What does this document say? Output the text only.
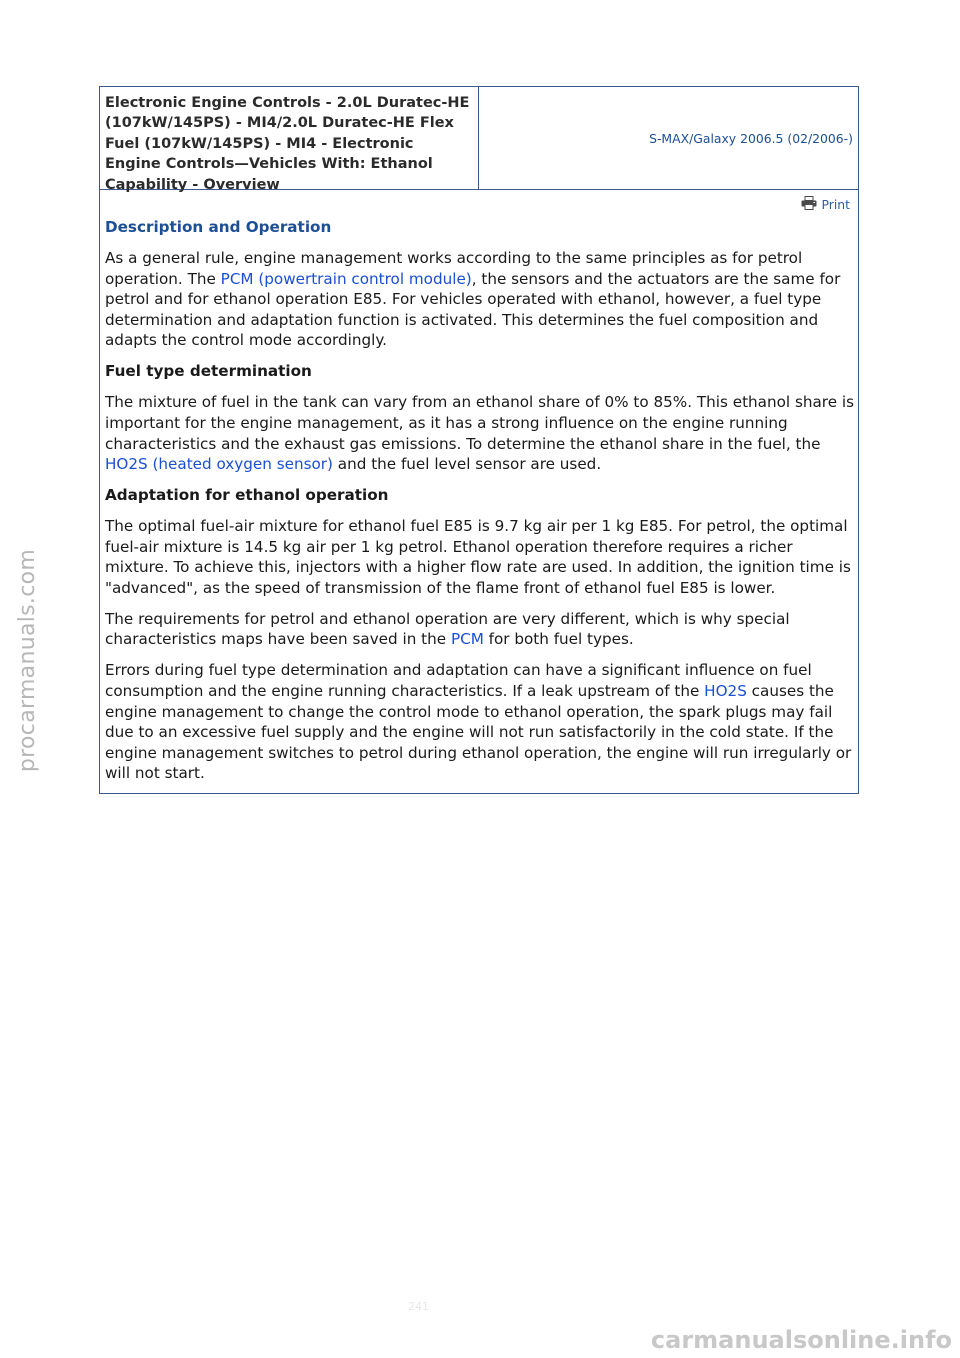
Electronic Engine Controls - 2.0L Duratec-HE (107kW/145PS) - MI4/2.0L Duratec-HE Flex Fuel (107kW/145PS) - MI4 - Electronic Engine Controls—Vehicles With: Ethanol Capability - Overview
S-MAX/Galaxy 2006.5 (02/2006-)
Print

Description and Operation

As a general rule, engine management works according to the same principles as for petrol operation. The PCM (powertrain control module), the sensors and the actuators are the same for petrol and for ethanol operation E85. For vehicles operated with ethanol, however, a fuel type determination and adaptation function is activated. This determines the fuel composition and adapts the control mode accordingly.

Fuel type determination

The mixture of fuel in the tank can vary from an ethanol share of 0% to 85%. This ethanol share is important for the engine management, as it has a strong influence on the engine running characteristics and the exhaust gas emissions. To determine the ethanol share in the fuel, the HO2S (heated oxygen sensor) and the fuel level sensor are used.

Adaptation for ethanol operation

The optimal fuel-air mixture for ethanol fuel E85 is 9.7 kg air per 1 kg E85. For petrol, the optimal fuel-air mixture is 14.5 kg air per 1 kg petrol. Ethanol operation therefore requires a richer mixture. To achieve this, injectors with a higher flow rate are used. In addition, the ignition time is "advanced", as the speed of transmission of the flame front of ethanol fuel E85 is lower.

The requirements for petrol and ethanol operation are very different, which is why special characteristics maps have been saved in the PCM for both fuel types.

Errors during fuel type determination and adaptation can have a significant influence on fuel consumption and the engine running characteristics. If a leak upstream of the HO2S causes the engine management to change the control mode to ethanol operation, the spark plugs may fail due to an excessive fuel supply and the engine will not run satisfactorily in the cold state. If the engine management switches to petrol during ethanol operation, the engine will run irregularly or will not start.

procarmanuals.com
241
carmanualsonline.info
